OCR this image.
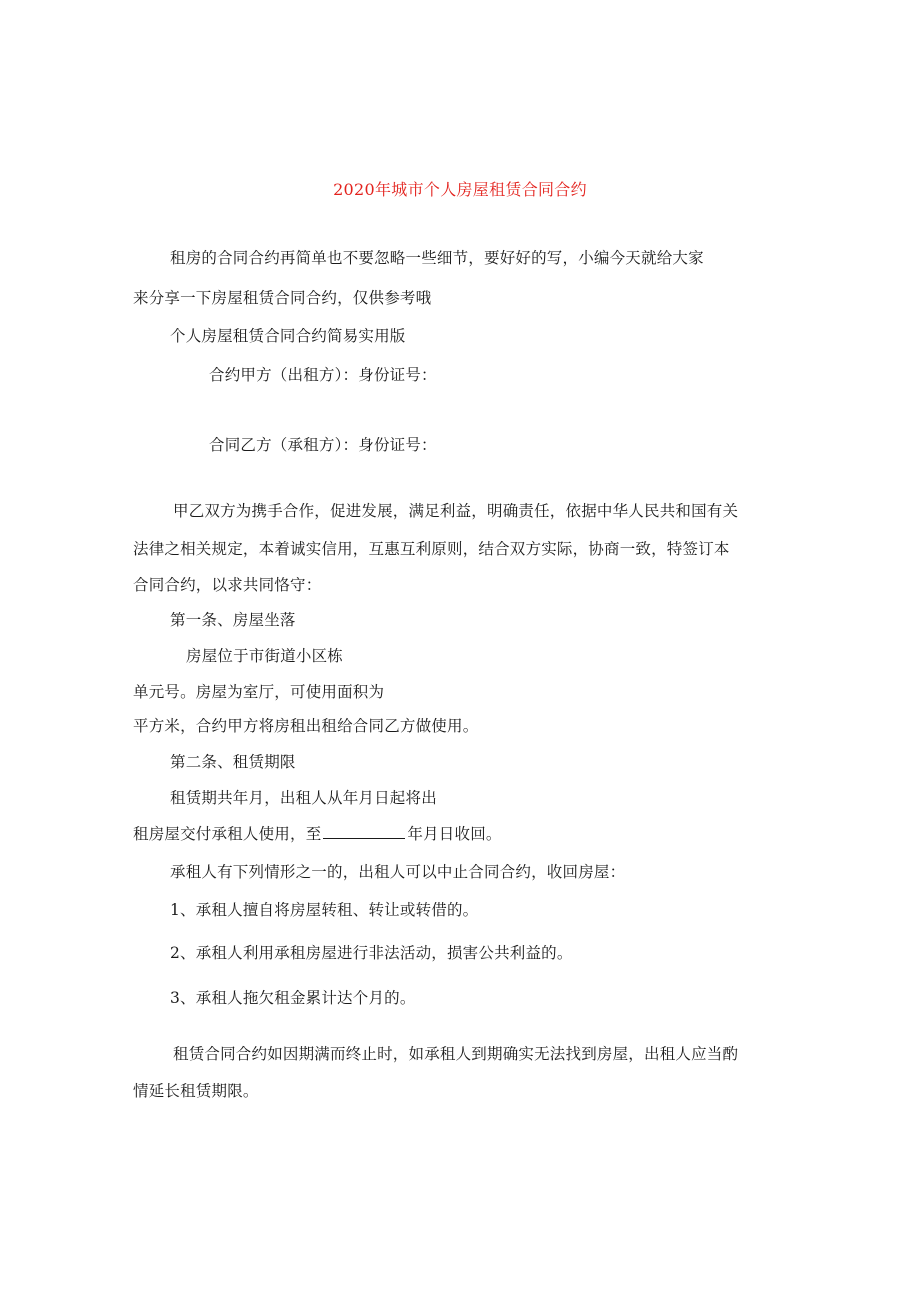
2020年城市个人房屋租赁合同合约
租房的合同合约再简单也不要忽略一些细节，要好好的写，小编今天就给大家
来分享一下房屋租赁合同合约，仅供参考哦
个人房屋租赁合同合约简易实用版
合约甲方（出租方）：身份证号：
合同乙方（承租方）：身份证号：
甲乙双方为携手合作，促进发展，满足利益，明确责任，依据中华人民共和国有关
法律之相关规定，本着诚实信用，互惠互利原则，结合双方实际，协商一致，特签订本
合同合约，以求共同恪守：
第一条、房屋坐落
房屋位于市街道小区栋
单元号。房屋为室厅，可使用面积为
平方米，合约甲方将房租出租给合同乙方做使用。
第二条、租赁期限
租赁期共年月，出租人从年月日起将出
租房屋交付承租人使用，至	年月日收回。
承租人有下列情形之一的，出租人可以中止合同合约，收回房屋：
1、承租人擅自将房屋转租、转让或转借的。
2、承租人利用承租房屋进行非法活动，损害公共利益的。
3、承租人拖欠租金累计达个月的。
租赁合同合约如因期满而终止时，如承租人到期确实无法找到房屋，出租人应当酌
情延长租赁期限。
